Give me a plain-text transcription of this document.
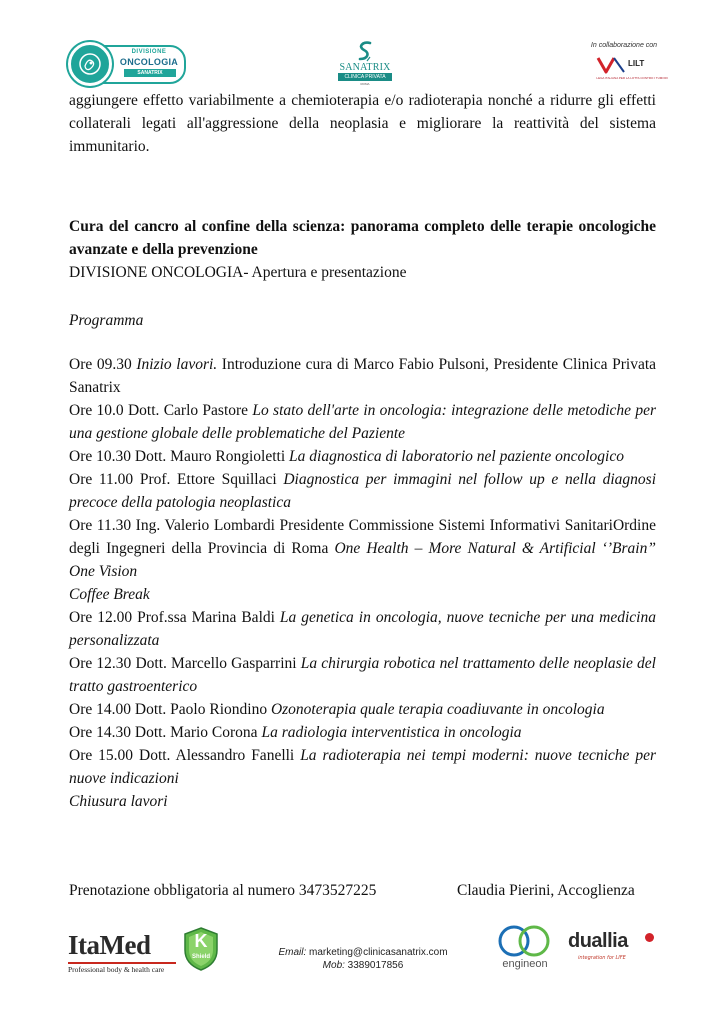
DIVISIONE
ONCOLOGIA
SANATRIX	SANATRIX
CLINICA PRIVATA
ROMA
In collaborazione con
LILT
LEGA ITALIANA PER LA LOTTA CONTRO I TUMORI

aggiungere effetto variabilmente a chemioterapia e/o radioterapia nonché a ridurre gli effetti collaterali legati all'aggressione della neoplasia e migliorare la reattività del sistema immunitario.

Cura del cancro al confine della scienza: panorama completo delle terapie oncologiche avanzate e della prevenzione

DIVISIONE ONCOLOGIA- Apertura e presentazione

Programma

Ore 09.30 Inizio lavori. Introduzione cura di Marco Fabio Pulsoni, Presidente Clinica Privata Sanatrix

Ore 10.0 Dott. Carlo Pastore Lo stato dell'arte in oncologia: integrazione delle metodiche per una gestione globale delle problematiche del Paziente

Ore 10.30 Dott. Mauro Rongioletti La diagnostica di laboratorio nel paziente oncologico

Ore 11.00 Prof. Ettore Squillaci Diagnostica per immagini nel follow up e nella diagnosi precoce della patologia neoplastica

Ore 11.30 Ing. Valerio Lombardi Presidente Commissione Sistemi Informativi SanitariOrdine degli Ingegneri della Provincia di Roma One Health – More Natural & Artificial ‘’Brain” One Vision

Coffee Break

Ore 12.00 Prof.ssa Marina Baldi La genetica in oncologia, nuove tecniche per una medicina personalizzata

Ore 12.30 Dott. Marcello Gasparrini La chirurgia robotica nel trattamento delle neoplasie del tratto gastroenterico

Ore 14.00 Dott. Paolo Riondino Ozonoterapia quale terapia coadiuvante in oncologia

Ore 14.30 Dott. Mario Corona La radiologia interventistica in oncologia

Ore 15.00 Dott. Alessandro Fanelli La radioterapia nei tempi moderni: nuove tecniche per nuove indicazioni

Chiusura lavori

Prenotazione obbligatoria al numero 3473527225	Claudia Pierini, Accoglienza
ItaMed
Professional body & health care
K
Shield	Email: marketing@clinicasanatrix.com
Mob: 3389017856	engineon
duallia
integration for LIFE
